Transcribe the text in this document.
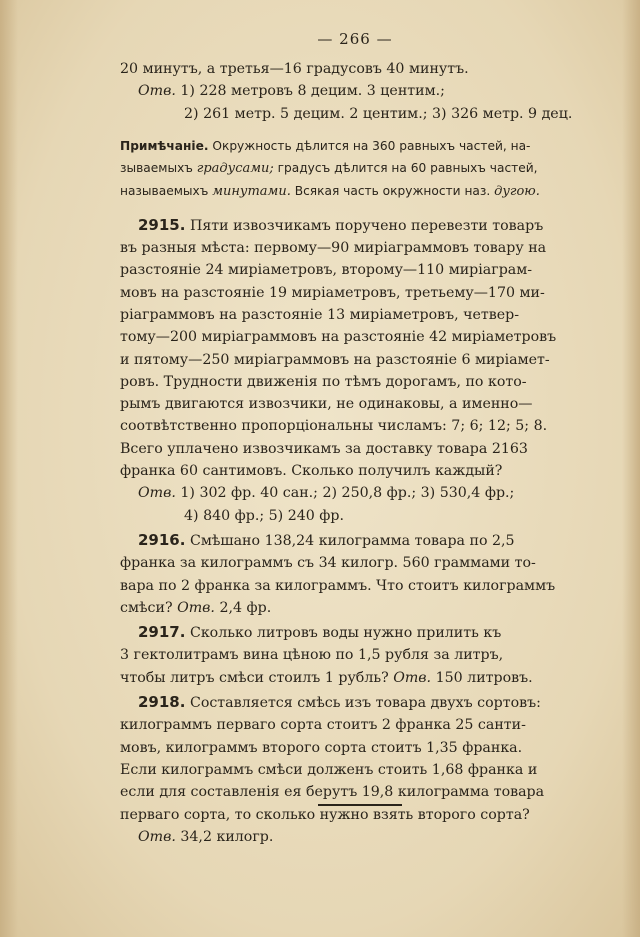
— 266 —

20 минутъ, а третья—16 градусовъ 40 минутъ.

Отв. 1) 228 метровъ 8 децим. 3 центим.;

2) 261 метр. 5 децим. 2 центим.; 3) 326 метр. 9 дец.

Примѣчаніе. Окружность дѣлится на 360 равныхъ частей, на-

зываемыхъ градусами; градусъ дѣлится на 60 равныхъ частей,

называемыхъ минутами. Всякая часть окружности наз. дугою.

2915. Пяти извозчикамъ поручено перевезти товаръ

въ разныя мѣста: первому—90 миріаграммовъ товару на

разстояніе 24 миріаметровъ, второму—110 миріаграм-

мовъ на разстояніе 19 миріаметровъ, третьему—170 ми-

ріаграммовъ на разстояніе 13 миріаметровъ, четвер-

тому—200 миріаграммовъ на разстояніе 42 миріаметровъ

и пятому—250 миріаграммовъ на разстояніе 6 миріамет-

ровъ. Трудности движенія по тѣмъ дорогамъ, по кото-

рымъ двигаются извозчики, не одинаковы, а именно—

соотвѣтственно пропорціональны числамъ: 7; 6; 12; 5; 8.

Всего уплачено извозчикамъ за доставку товара 2163

франка 60 сантимовъ. Сколько получилъ каждый?

Отв. 1) 302 фр. 40 сан.; 2) 250,8 фр.; 3) 530,4 фр.;

4) 840 фр.; 5) 240 фр.

2916. Смѣшано 138,24 килограмма товара по 2,5

франка за килограммъ съ 34 килогр. 560 граммами то-

вара по 2 франка за килограммъ. Что стоитъ килограммъ

смѣси? Отв. 2,4 фр.

2917. Сколько литровъ воды нужно прилить къ

3 гектолитрамъ вина цѣною по 1,5 рубля за литръ,

чтобы литръ смѣси стоилъ 1 рубль? Отв. 150 литровъ.

2918. Составляется смѣсь изъ товара двухъ сортовъ:

килограммъ перваго сорта стоитъ 2 франка 25 санти-

мовъ, килограммъ второго сорта стоитъ 1,35 франка.

Если килограммъ смѣси долженъ стоить 1,68 франка и

если для составленія ея берутъ 19,8 килограмма товара

перваго сорта, то сколько нужно взять второго сорта?

Отв. 34,2 килогр.
